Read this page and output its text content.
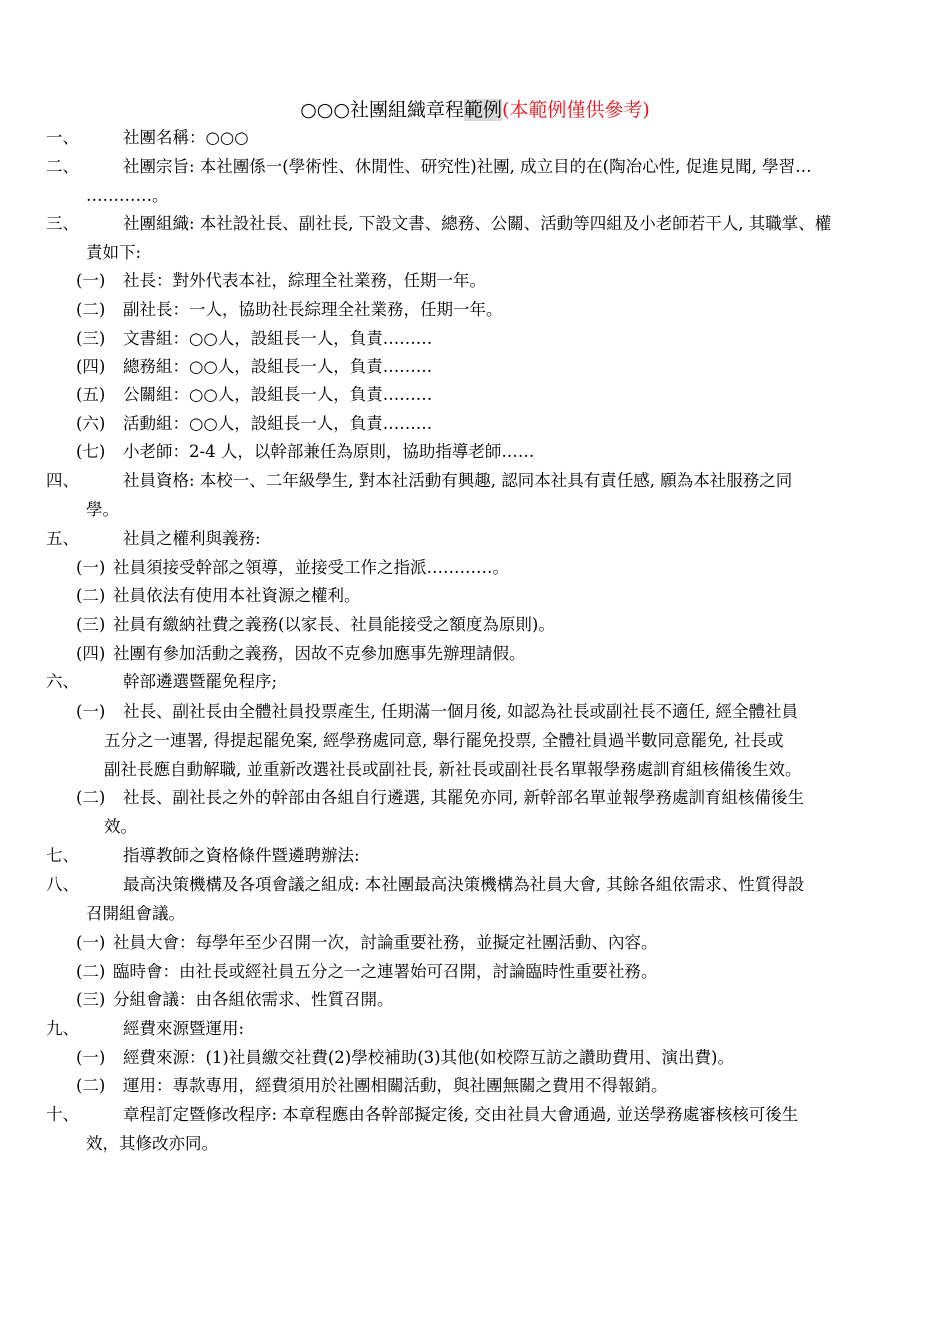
○○○社團組織章程範例(本範例僅供參考)
一、	社團名稱：○○○
二、	社團宗旨: 本社團係一(學術性、休閒性、研究性)社團, 成立目的在(陶冶心性, 促進見聞, 學習…
…………。
三、	社團組織: 本社設社長、副社長, 下設文書、總務、公關、活動等四組及小老師若干人, 其職掌、權
責如下:
(一) 社長：對外代表本社，綜理全社業務，任期一年。
(二) 副社長：一人，協助社長綜理全社業務，任期一年。
(三) 文書組：○○人，設組長一人，負責………
(四) 總務組：○○人，設組長一人，負責………
(五) 公關組：○○人，設組長一人，負責………
(六) 活動組：○○人，設組長一人，負責………
(七) 小老師：2-4 人，以幹部兼任為原則，協助指導老師……
四、	社員資格: 本校一、二年級學生, 對本社活動有興趣, 認同本社具有責任感, 願為本社服務之同
學。
五、	社員之權利與義務:
(一) 社員須接受幹部之領導，並接受工作之指派…………。
(二) 社員依法有使用本社資源之權利。
(三) 社員有繳納社費之義務(以家長、社員能接受之額度為原則)。
(四) 社團有參加活動之義務，因故不克參加應事先辦理請假。
六、	幹部遴選暨罷免程序;
(一) 社長、副社長由全體社員投票產生, 任期滿一個月後, 如認為社長或副社長不適任, 經全體社員
五分之一連署, 得提起罷免案, 經學務處同意, 舉行罷免投票, 全體社員過半數同意罷免, 社長或
副社長應自動解職, 並重新改選社長或副社長, 新社長或副社長名單報學務處訓育組核備後生效。
(二) 社長、副社長之外的幹部由各組自行遴選, 其罷免亦同, 新幹部名單並報學務處訓育組核備後生
效。
七、	指導教師之資格條件暨遴聘辦法:
八、	最高決策機構及各項會議之組成: 本社團最高決策機構為社員大會, 其餘各組依需求、性質得設
召開組會議。
(一) 社員大會：每學年至少召開一次，討論重要社務，並擬定社團活動、內容。
(二) 臨時會：由社長或經社員五分之一之連署始可召開，討論臨時性重要社務。
(三) 分組會議：由各組依需求、性質召開。
九、	經費來源暨運用:
(一) 經費來源：(1)社員繳交社費(2)學校補助(3)其他(如校際互訪之讚助費用、演出費)。
(二) 運用：專款專用，經費須用於社團相關活動，與社團無關之費用不得報銷。
十、	章程訂定暨修改程序: 本章程應由各幹部擬定後, 交由社員大會通過, 並送學務處審核核可後生
效，其修改亦同。
